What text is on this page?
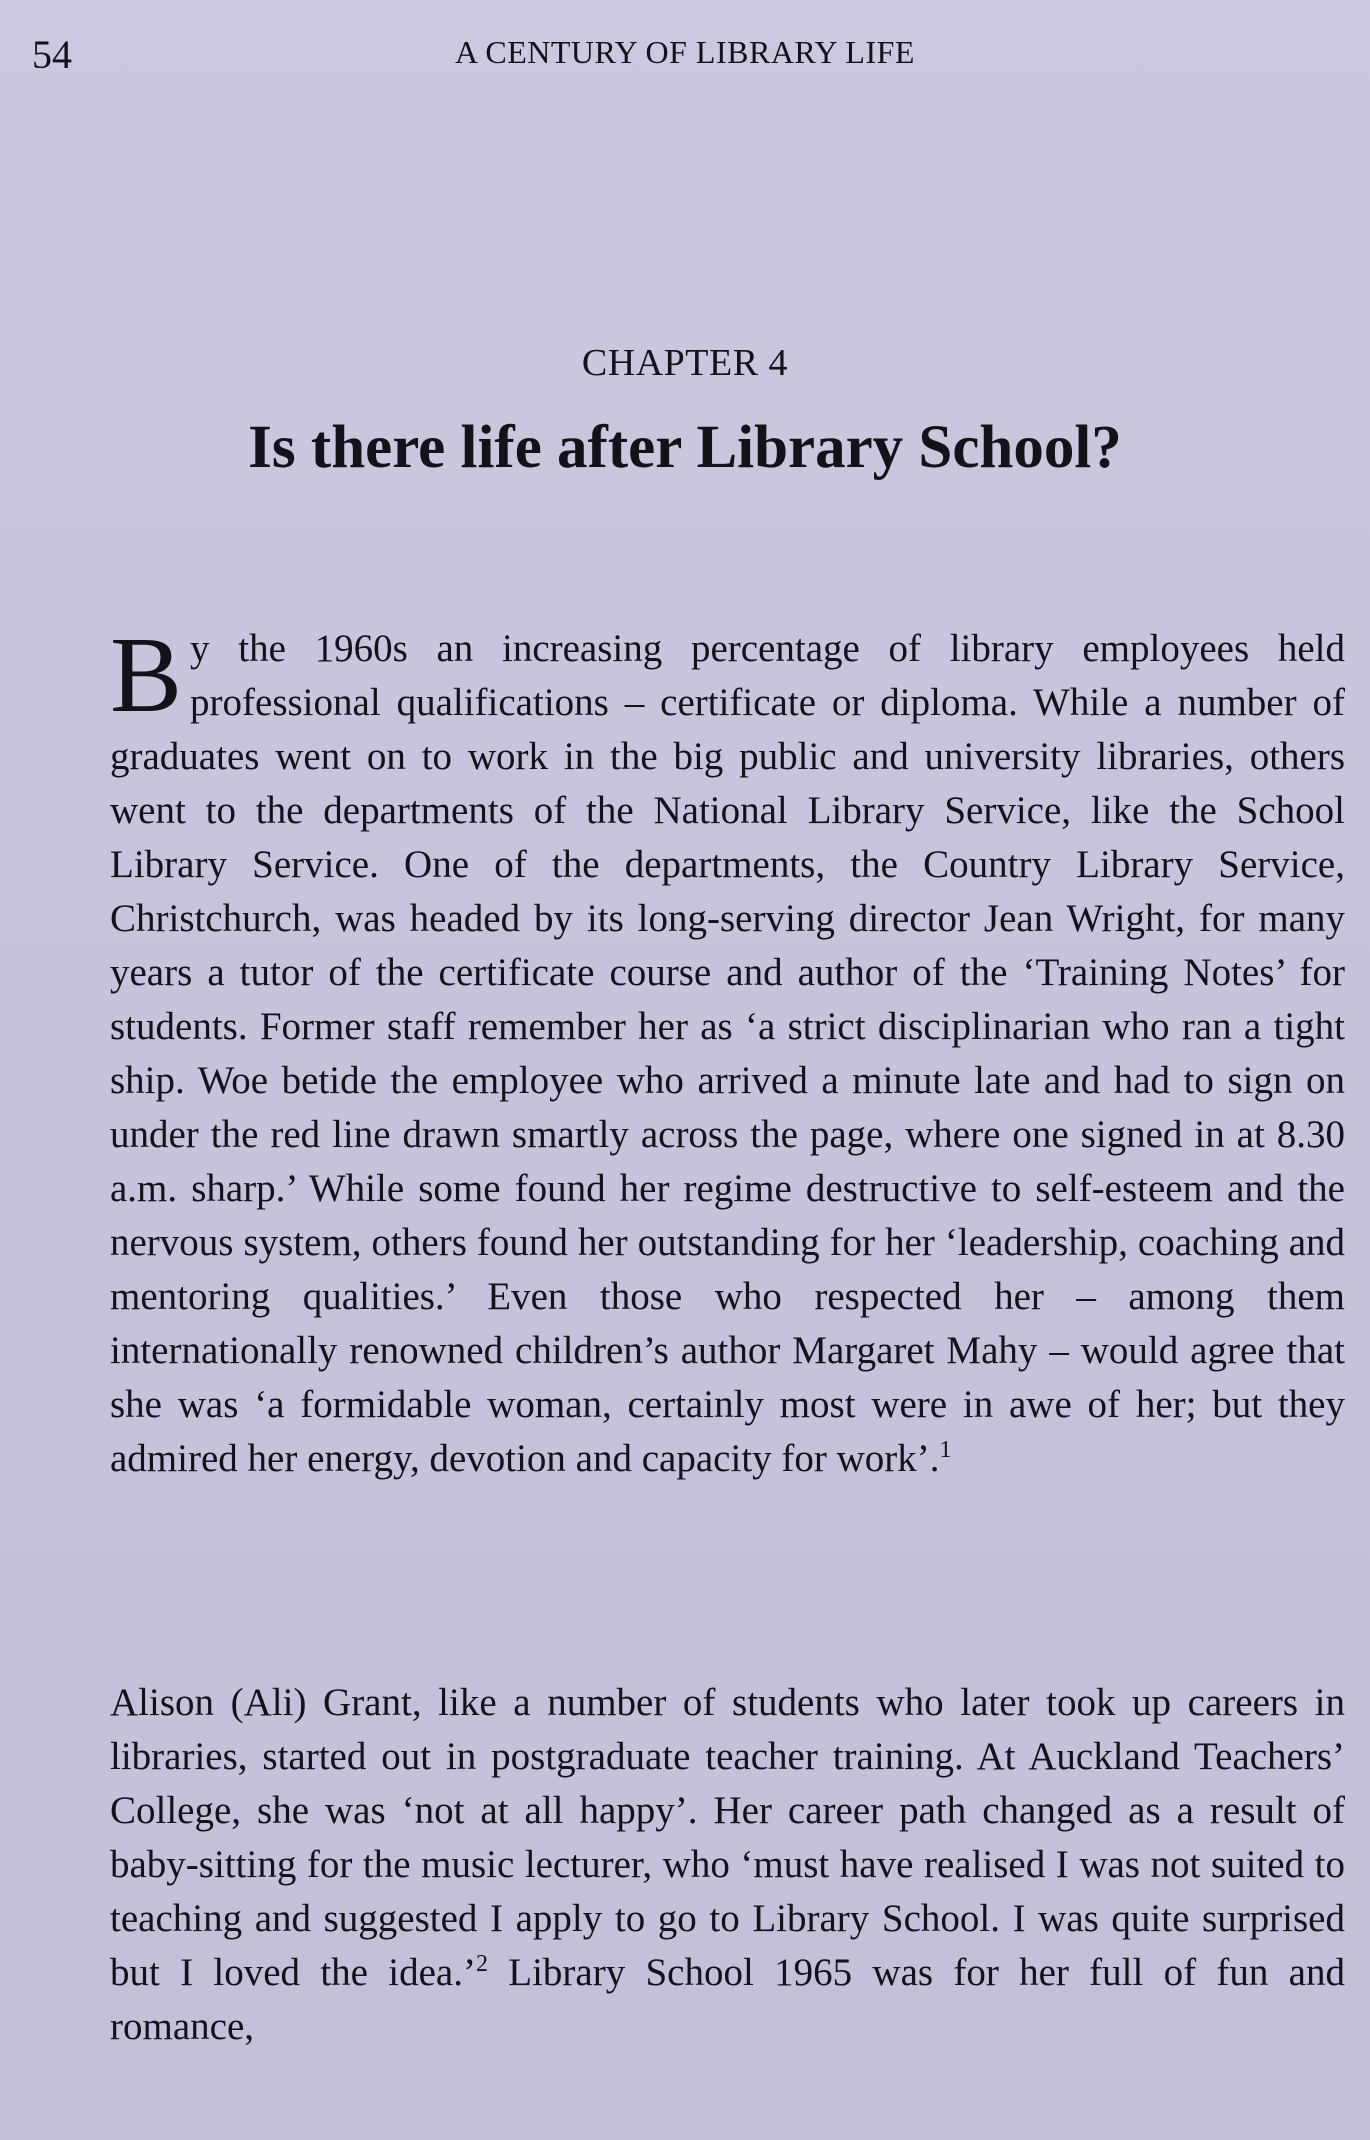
54	A CENTURY OF LIBRARY LIFE
CHAPTER 4
Is there life after Library School?

By the 1960s an increasing percentage of library employees held professional qualifications – certificate or diploma. While a number of graduates went on to work in the big public and university libraries, others went to the departments of the National Library Service, like the School Library Service. One of the departments, the Country Library Service, Christchurch, was headed by its long-serving director Jean Wright, for many years a tutor of the certificate course and author of the ‘Training Notes’ for students. Former staff remember her as ‘a strict disciplinarian who ran a tight ship. Woe betide the employee who arrived a minute late and had to sign on under the red line drawn smartly across the page, where one signed in at 8.30 a.m. sharp.’ While some found her regime destructive to self-esteem and the nervous system, others found her outstanding for her ‘leadership, coaching and mentoring qualities.’ Even those who respected her – among them internationally renowned children’s author Margaret Mahy – would agree that she was ‘a formidable woman, certainly most were in awe of her; but they admired her energy, devotion and capacity for work’.$^1$

Alison (Ali) Grant, like a number of students who later took up careers in libraries, started out in postgraduate teacher training. At Auckland Teachers’ College, she was ‘not at all happy’. Her career path changed as a result of baby-sitting for the music lecturer, who ‘must have realised I was not suited to teaching and suggested I apply to go to Library School. I was quite surprised but I loved the idea.’$^2$ Library School 1965 was for her full of fun and romance,
